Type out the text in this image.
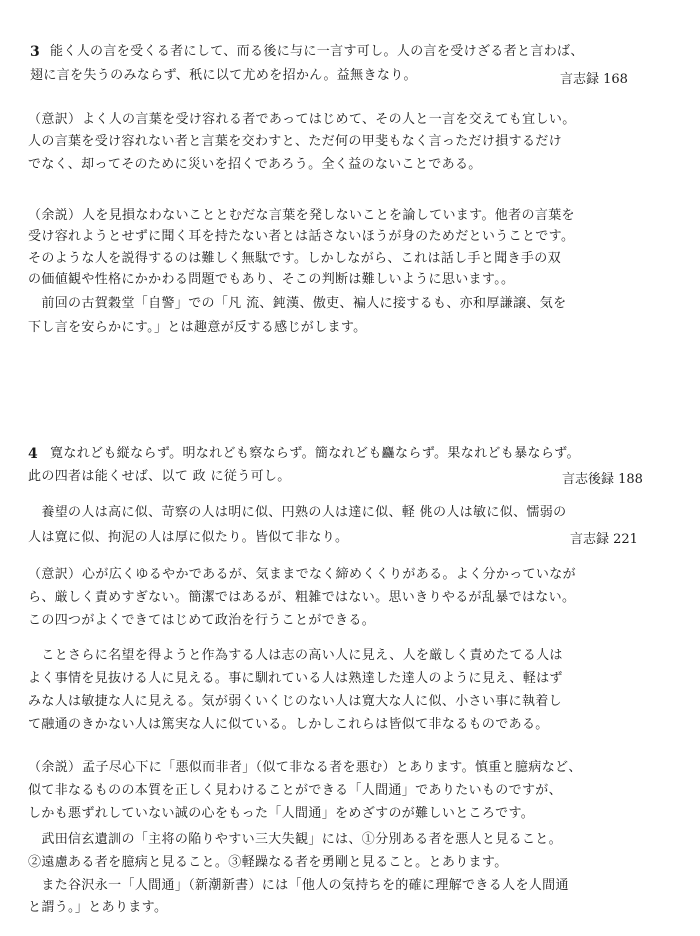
3 能く人の言を受くる者にして、而る後に与に一言す可し。人の言を受けざる者と言わば、
翅に言を失うのみならず、秖に以て尤めを招かん。益無きなり。	言志録 168
（意訳） よく人の言葉を受け容れる者であってはじめて、その人と一言を交えても宜しい。
人の言葉を受け容れない者と言葉を交わすと、ただ何の甲斐もなく言っただけ損するだけ
でなく、却ってそのために災いを招くであろう。全く益のないことである。
（余説） 人を見損なわないこととむだな言葉を発しないことを論しています。他者の言葉を
受け容れようとせずに聞く耳を持たない者とは話さないほうが身のためだということです。
そのような人を説得するのは難しく無駄です。しかしながら、これは話し手と聞き手の双
の価値観や性格にかかわる問題でもあり、そこの判断は難しいように思います。。
　前回の古賀穀堂「自警」での「凡 流、鈍漢、傲吏、褊人に接するも、亦和厚謙譲、気を
下し言を安らかにす。」とは趣意が反する感じがします。
4 寛なれども縦ならず。明なれども察ならず。簡なれども麤ならず。果なれども暴ならず。
此の四者は能くせば、以て 政 に従う可し。	言志後録 188
　養望の人は高に似、苛察の人は明に似、円熟の人は達に似、軽 佻の人は敏に似、懦弱の
人は寛に似、拘泥の人は厚に似たり。皆似て非なり。	言志録 221
（意訳） 心が広くゆるやかであるが、気ままでなく締めくくりがある。よく分かっていなが
ら、厳しく責めすぎない。簡潔ではあるが、粗雑ではない。思いきりやるが乱暴ではない。
この四つがよくできてはじめて政治を行うことができる。
　ことさらに名望を得ようと作為する人は志の高い人に見え、人を厳しく責めたてる人は
よく事情を見抜ける人に見える。事に馴れている人は熟達した達人のように見え、軽はず
みな人は敏捷な人に見える。気が弱くいくじのない人は寛大な人に似、小さい事に執着し
て融通のきかない人は篤実な人に似ている。しかしこれらは皆似て非なるものである。
（余説） 孟子尽心下に「悪似而非者」（似て非なる者を悪む）とあります。慎重と臆病など、
似て非なるものの本質を正しく見わけることができる「人間通」でありたいものですが、
しかも悪ずれしていない誠の心をもった「人間通」をめざすのが難しいところです。
　武田信玄遺訓の「主将の陥りやすい三大失観」には、①分別ある者を悪人と見ること。
②遠慮ある者を臆病と見ること。③軽躁なる者を勇剛と見ること。とあります。
　また谷沢永一「人間通」（新潮新書）には「他人の気持ちを的確に理解できる人を人間通
と謂う。」とあります。
